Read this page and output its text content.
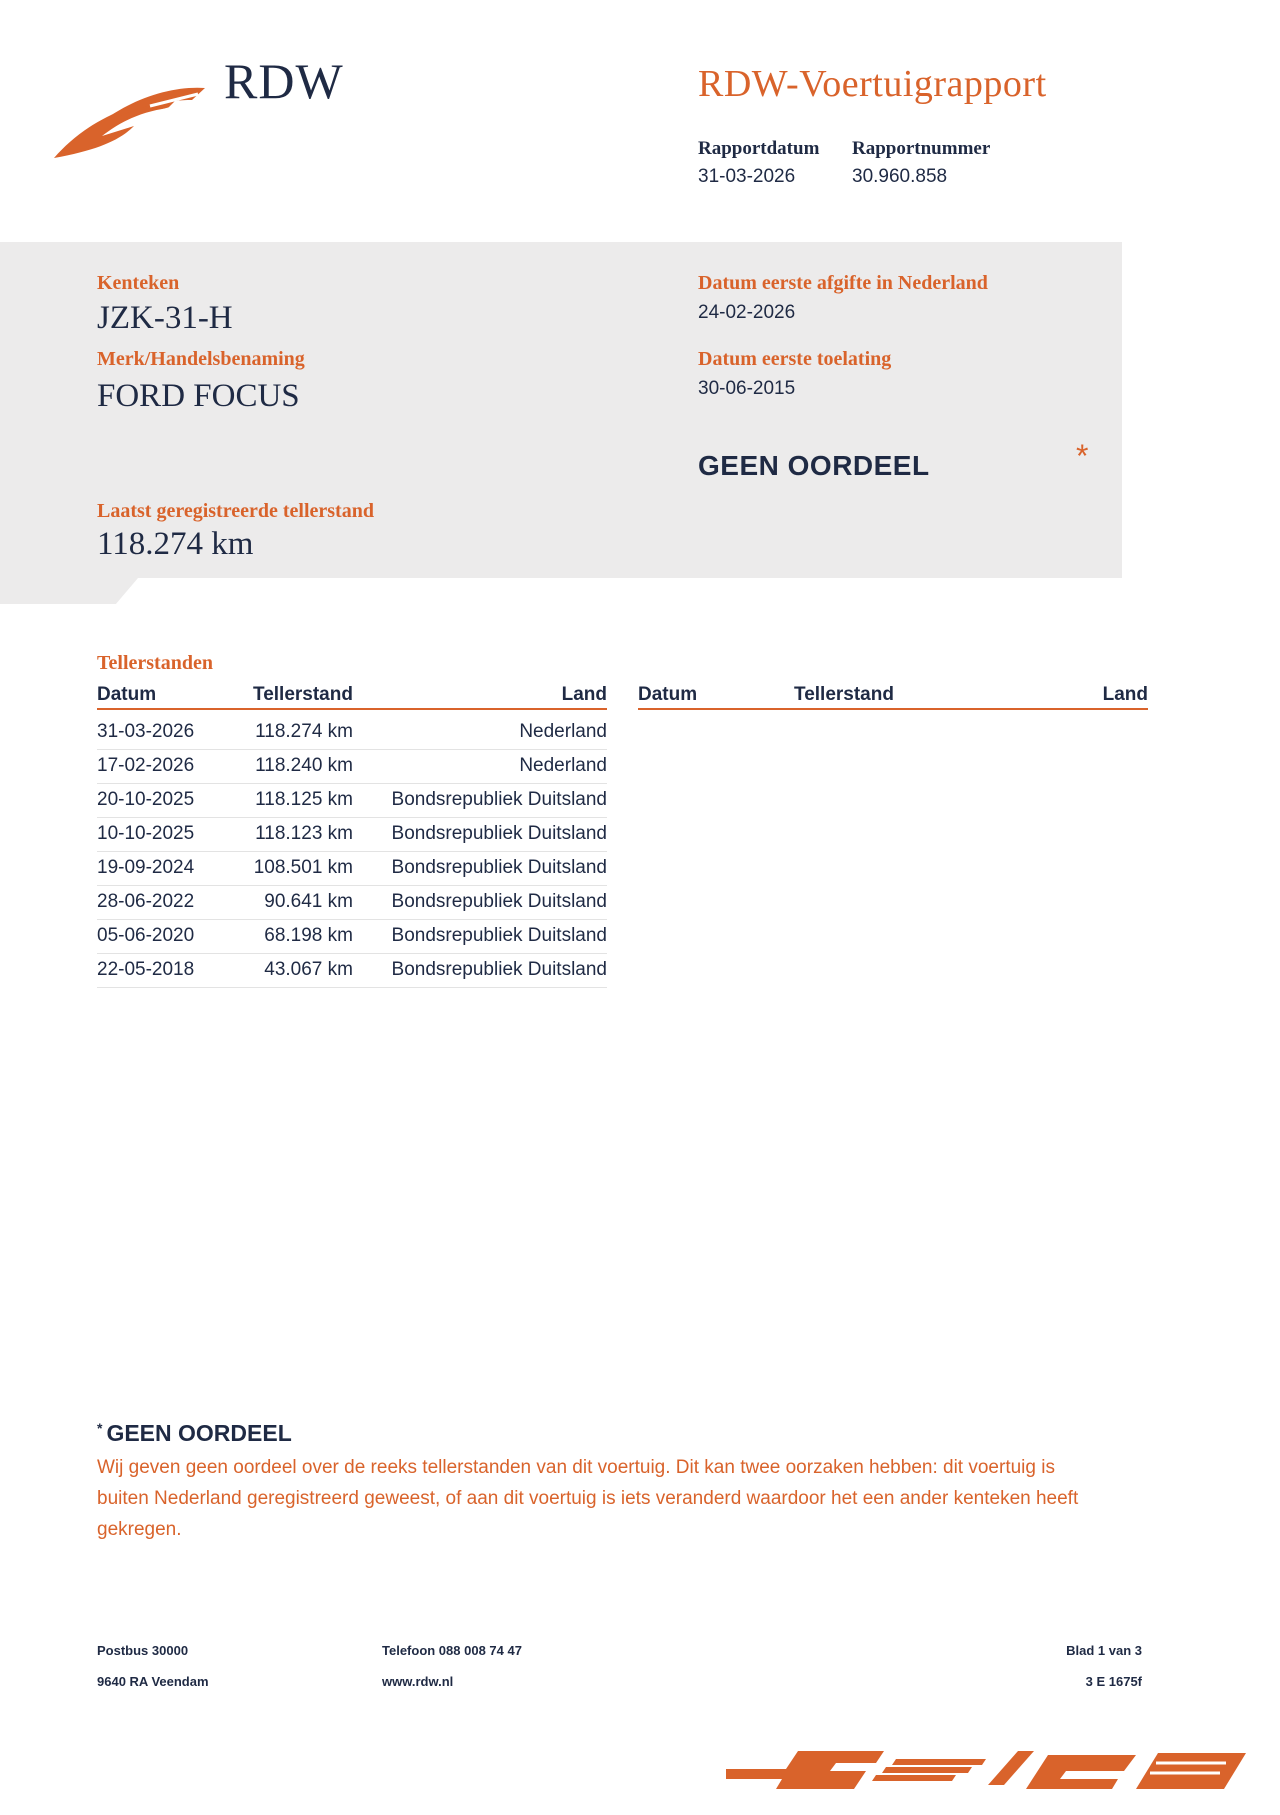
RDW	RDW-Voertuigrapport
Rapportdatum
31-03-2026
Rapportnummer
30.960.858
Kenteken
JZK-31-H
Merk/Handelsbenaming
FORD FOCUS
Datum eerste afgifte in Nederland
24-02-2026
Datum eerste toelating
30-06-2015
GEEN OORDEEL	*
Laatst geregistreerde tellerstand
118.274 km
Tellerstanden
Datum	Tellerstand	Land Datum	Tellerstand	Land
31-03-2026	118.274 km	Nederland
17-02-2026	118.240 km	Nederland
20-10-2025	118.125 km Bondsrepubliek Duitsland
10-10-2025	118.123 km Bondsrepubliek Duitsland
19-09-2024	108.501 km Bondsrepubliek Duitsland
28-06-2022	90.641 km Bondsrepubliek Duitsland
05-06-2020	68.198 km Bondsrepubliek Duitsland
22-05-2018	43.067 km Bondsrepubliek Duitsland
* GEEN OORDEEL
Wij geven geen oordeel over de reeks tellerstanden van dit voertuig. Dit kan twee oorzaken hebben: dit voertuig is buiten Nederland geregistreerd geweest, of aan dit voertuig is iets veranderd waardoor het een ander kenteken heeft gekregen.
Postbus 30000
9640 RA Veendam
Telefoon 088 008 74 47
www.rdw.nl
Blad 1 van 3
3 E 1675f
